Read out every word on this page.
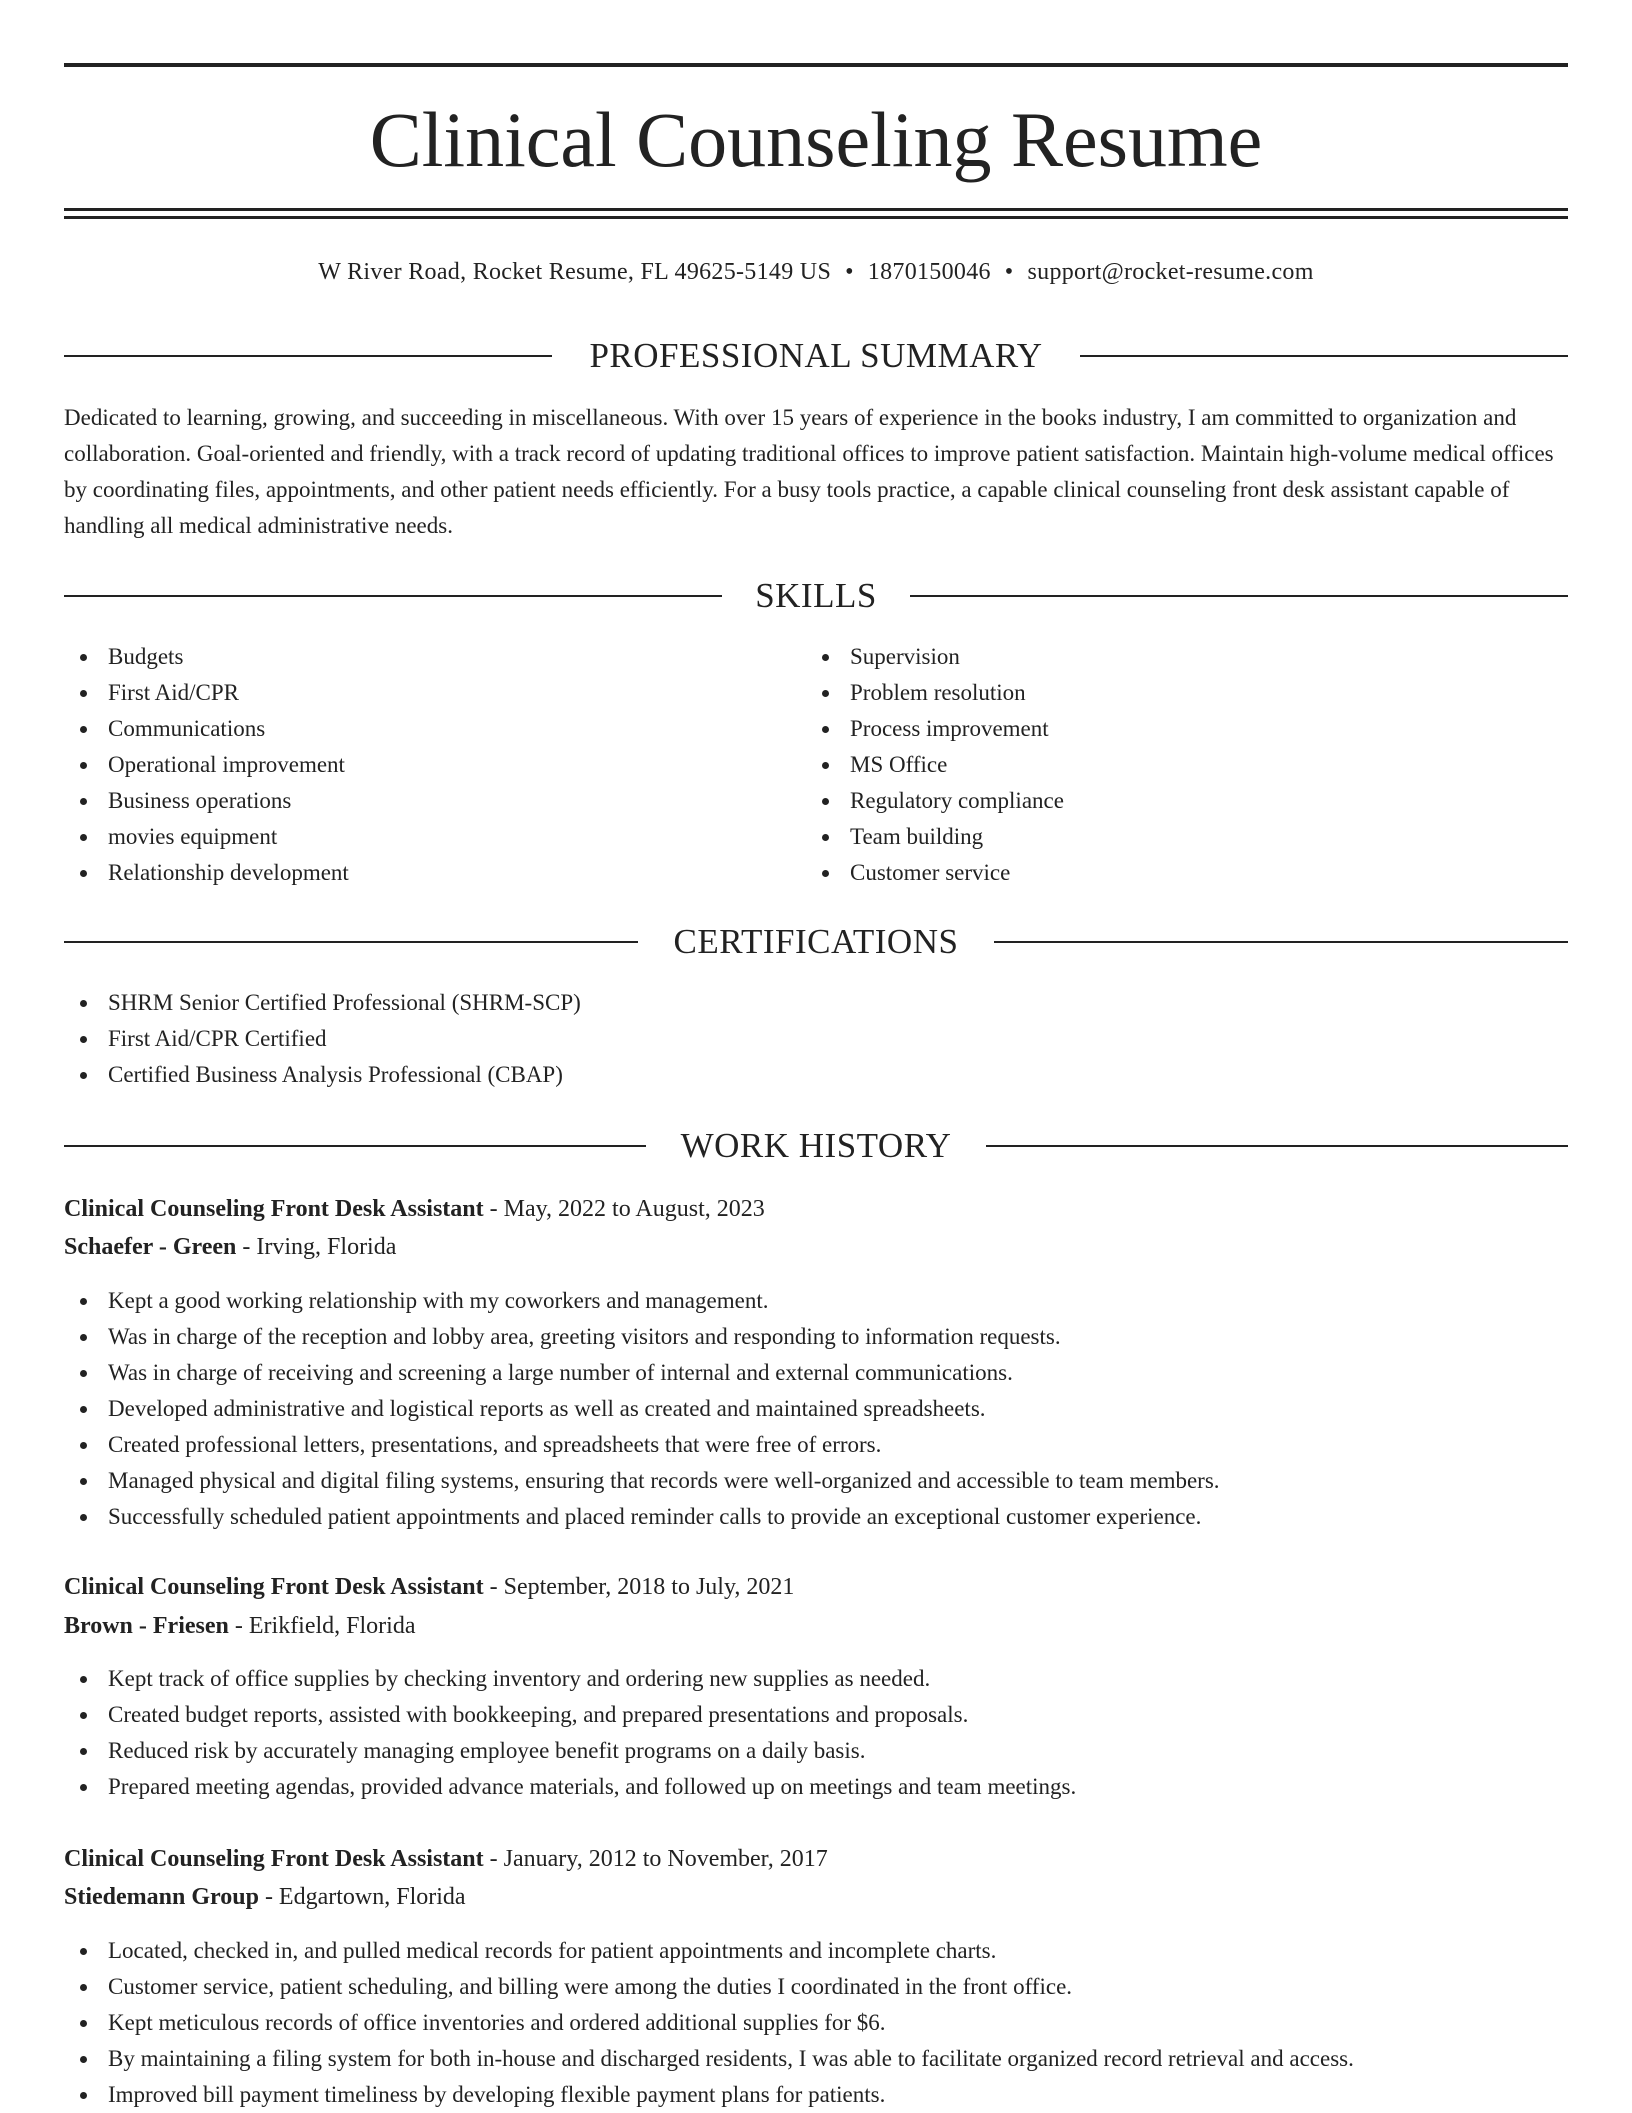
Clinical Counseling Resume
W River Road, Rocket Resume, FL 49625-5149 US • 1870150046 • support@rocket-resume.com
PROFESSIONAL SUMMARY

Dedicated to learning, growing, and succeeding in miscellaneous. With over 15 years of experience in the books industry, I am committed to organization and collaboration. Goal-oriented and friendly, with a track record of updating traditional offices to improve patient satisfaction. Maintain high-volume medical offices by coordinating files, appointments, and other patient needs efficiently. For a busy tools practice, a capable clinical counseling front desk assistant capable of handling all medical administrative needs.

SKILLS
Budgets
First Aid/CPR
Communications
Operational improvement
Business operations
movies equipment
Relationship development
Supervision
Problem resolution
Process improvement
MS Office
Regulatory compliance
Team building
Customer service
CERTIFICATIONS
SHRM Senior Certified Professional (SHRM-SCP)
First Aid/CPR Certified
Certified Business Analysis Professional (CBAP)
WORK HISTORY
Clinical Counseling Front Desk Assistant - May, 2022 to August, 2023
Schaefer - Green - Irving, Florida
Kept a good working relationship with my coworkers and management.
Was in charge of the reception and lobby area, greeting visitors and responding to information requests.
Was in charge of receiving and screening a large number of internal and external communications.
Developed administrative and logistical reports as well as created and maintained spreadsheets.
Created professional letters, presentations, and spreadsheets that were free of errors.
Managed physical and digital filing systems, ensuring that records were well-organized and accessible to team members.
Successfully scheduled patient appointments and placed reminder calls to provide an exceptional customer experience.
Clinical Counseling Front Desk Assistant - September, 2018 to July, 2021
Brown - Friesen - Erikfield, Florida
Kept track of office supplies by checking inventory and ordering new supplies as needed.
Created budget reports, assisted with bookkeeping, and prepared presentations and proposals.
Reduced risk by accurately managing employee benefit programs on a daily basis.
Prepared meeting agendas, provided advance materials, and followed up on meetings and team meetings.
Clinical Counseling Front Desk Assistant - January, 2012 to November, 2017
Stiedemann Group - Edgartown, Florida
Located, checked in, and pulled medical records for patient appointments and incomplete charts.
Customer service, patient scheduling, and billing were among the duties I coordinated in the front office.
Kept meticulous records of office inventories and ordered additional supplies for $6.
By maintaining a filing system for both in-house and discharged residents, I was able to facilitate organized record retrieval and access.
Improved bill payment timeliness by developing flexible payment plans for patients.
